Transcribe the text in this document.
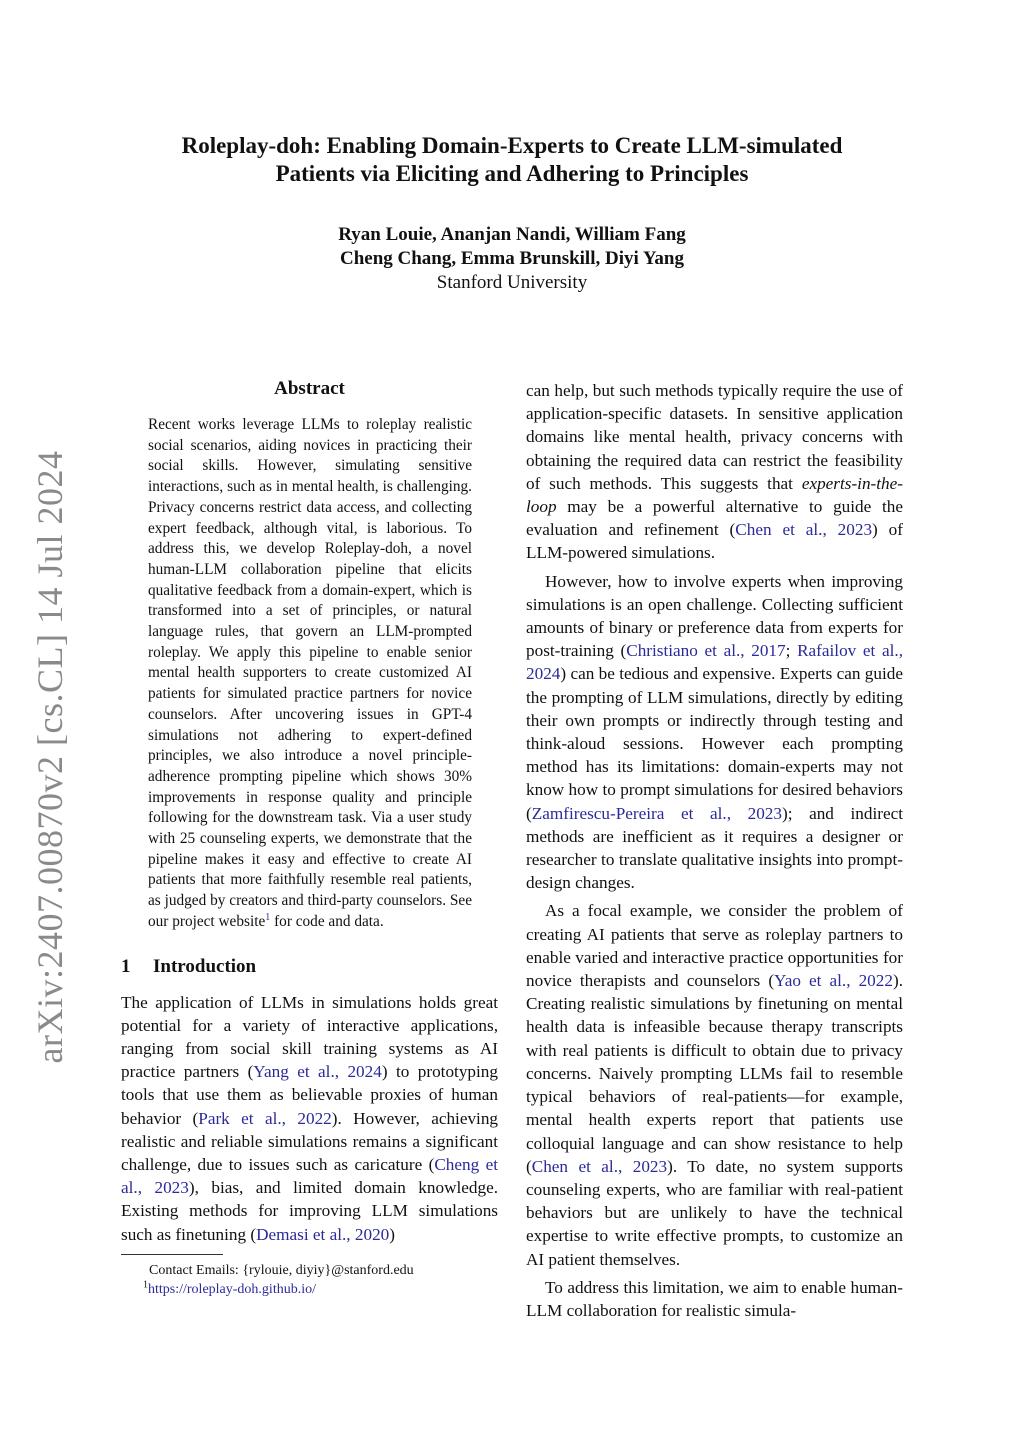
arXiv:2407.00870v2 [cs.CL] 14 Jul 2024
Roleplay-doh: Enabling Domain-Experts to Create LLM-simulated
Patients via Eliciting and Adhering to Principles
Ryan Louie, Ananjan Nandi, William Fang
Cheng Chang, Emma Brunskill, Diyi Yang
Stanford University
Abstract
Recent works leverage LLMs to roleplay realistic social scenarios, aiding novices in practicing their social skills. However, simulating sensitive interactions, such as in mental health, is challenging. Privacy concerns restrict data access, and collecting expert feedback, although vital, is laborious. To address this, we develop Roleplay-doh, a novel human-LLM collaboration pipeline that elicits qualitative feedback from a domain-expert, which is transformed into a set of principles, or natural language rules, that govern an LLM-prompted roleplay. We apply this pipeline to enable senior mental health supporters to create customized AI patients for simulated practice partners for novice counselors. After uncovering issues in GPT-4 simulations not adhering to expert-defined principles, we also introduce a novel principle-adherence prompting pipeline which shows 30% improvements in response quality and principle following for the downstream task. Via a user study with 25 counseling experts, we demonstrate that the pipeline makes it easy and effective to create AI patients that more faithfully resemble real patients, as judged by creators and third-party counselors. See our project website$^1$ for code and data.
1 Introduction

The application of LLMs in simulations holds great potential for a variety of interactive applications, ranging from social skill training systems as AI practice partners (Yang et al., 2024) to prototyping tools that use them as believable proxies of human behavior (Park et al., 2022). However, achieving realistic and reliable simulations remains a significant challenge, due to issues such as caricature (Cheng et al., 2023), bias, and limited domain knowledge. Existing methods for improving LLM simulations such as finetuning (Demasi et al., 2020)

Contact Emails: {rylouie, diyiy}@stanford.edu
$^1$https://roleplay-doh.github.io/

can help, but such methods typically require the use of application-specific datasets. In sensitive application domains like mental health, privacy concerns with obtaining the required data can restrict the feasibility of such methods. This suggests that experts-in-the-loop may be a powerful alternative to guide the evaluation and refinement (Chen et al., 2023) of LLM-powered simulations.

However, how to involve experts when improving simulations is an open challenge. Collecting sufficient amounts of binary or preference data from experts for post-training (Christiano et al., 2017; Rafailov et al., 2024) can be tedious and expensive. Experts can guide the prompting of LLM simulations, directly by editing their own prompts or indirectly through testing and think-aloud sessions. However each prompting method has its limitations: domain-experts may not know how to prompt simulations for desired behaviors (Zamfirescu-Pereira et al., 2023); and indirect methods are inefficient as it requires a designer or researcher to translate qualitative insights into prompt-design changes.

As a focal example, we consider the problem of creating AI patients that serve as roleplay partners to enable varied and interactive practice opportunities for novice therapists and counselors (Yao et al., 2022). Creating realistic simulations by finetuning on mental health data is infeasible because therapy transcripts with real patients is difficult to obtain due to privacy concerns. Naively prompting LLMs fail to resemble typical behaviors of real-patients—for example, mental health experts report that patients use colloquial language and can show resistance to help (Chen et al., 2023). To date, no system supports counseling experts, who are familiar with real-patient behaviors but are unlikely to have the technical expertise to write effective prompts, to customize an AI patient themselves.

To address this limitation, we aim to enable human-LLM collaboration for realistic simula-
